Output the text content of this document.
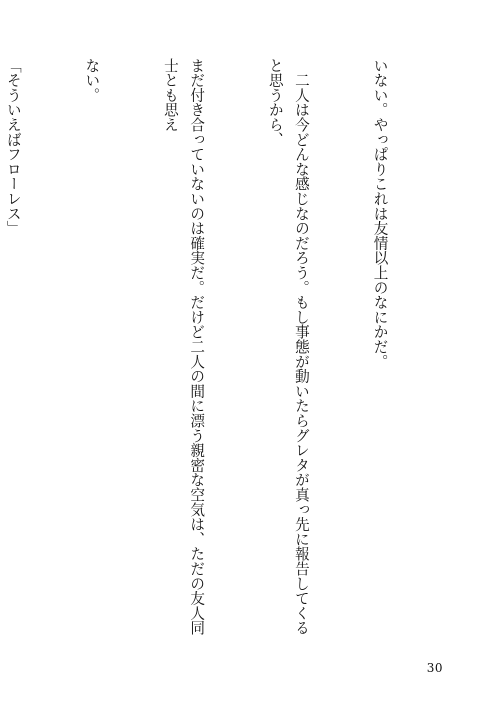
いない。やっぱりこれは友情以上のなにかだ。

　二人は今どんな感じなのだろう。もし事態が動いたらグレタが真っ先に報告してくると思うから、

まだ付き合っていないのは確実だ。だけど二人の間に漂う親密な空気は、ただの友人同士とも思え

ない。

「そういえばフローレス」

30
